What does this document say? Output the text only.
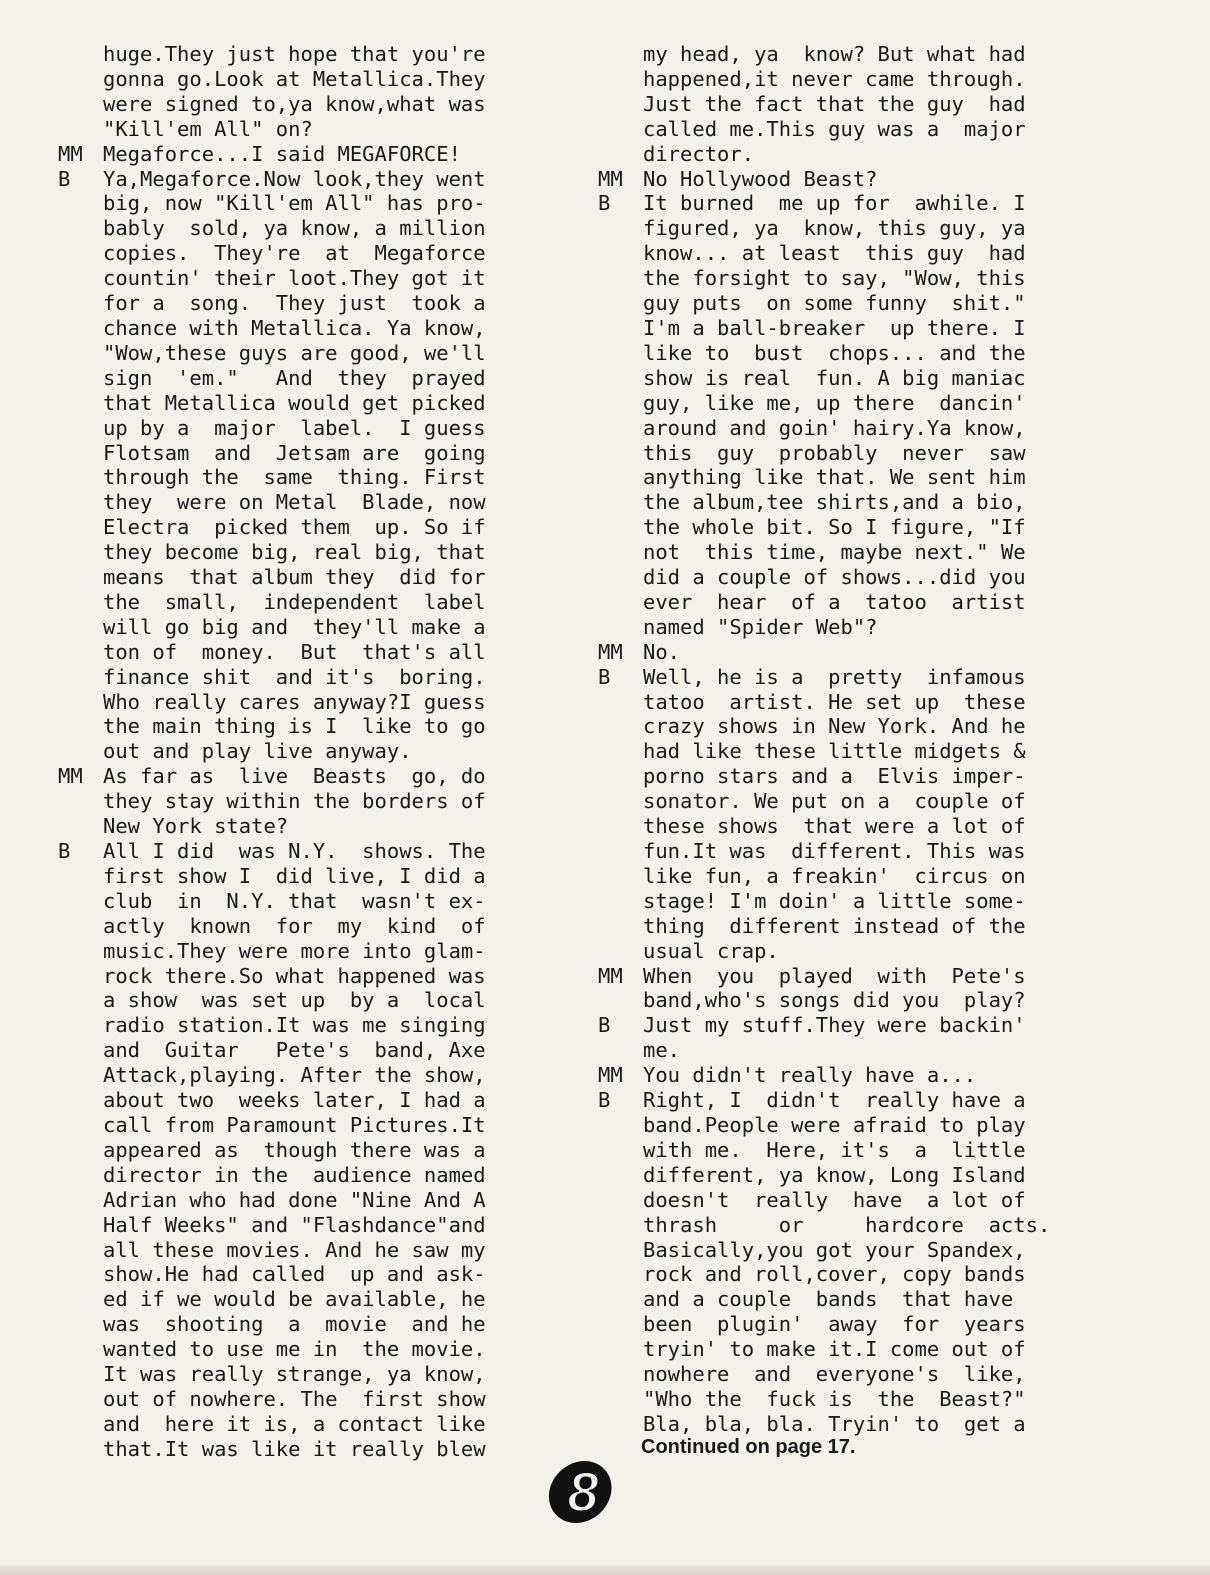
huge.They just hope that you're
gonna go.Look at Metallica.They
were signed to,ya know,what was
"Kill'em All" on?

MM Megaforce...I said MEGAFORCE!

B	Ya,Megaforce.Now look,they went
big, now "Kill'em All" has pro-
bably  sold, ya know, a million
copies.  They're  at  Megaforce
countin' their loot.They got it
for a  song.  They just  took a
chance with Metallica. Ya know,
"Wow,these guys are good, we'll
sign  'em."   And  they  prayed
that Metallica would get picked
up by a  major  label.  I guess
Flotsam  and  Jetsam are  going
through the  same  thing. First
they  were on Metal  Blade, now
Electra  picked them  up. So if
they become big, real big, that
means  that album they  did for
the  small,  independent  label
will go big and  they'll make a
ton of  money.  But  that's all
finance shit  and it's  boring.
Who really cares anyway?I guess
the main thing is I  like to go
out and play live anyway.

MM As far as  live  Beasts  go, do
they stay within the borders of
New York state?

B	All I did  was N.Y.  shows. The
first show I  did live, I did a
club  in  N.Y. that  wasn't ex-
actly  known  for  my  kind  of
music.They were more into glam-
rock there.So what happened was
a show  was set up  by a  local
radio station.It was me singing
and  Guitar   Pete's  band, Axe
Attack,playing. After the show,
about two  weeks later, I had a
call from Paramount Pictures.It
appeared as  though there was a
director in the  audience named
Adrian who had done "Nine And A
Half Weeks" and "Flashdance"and
all these movies. And he saw my
show.He had called  up and ask-
ed if we would be available, he
was  shooting  a  movie  and he
wanted to use me in  the movie.
It was really strange, ya know,
out of nowhere. The  first show
and  here it is, a contact like
that.It was like it really blew

my head, ya  know? But what had
happened,it never came through.
Just the fact that the guy  had
called me.This guy was a  major
director.

MM No Hollywood Beast?

B	It burned  me up for  awhile. I
figured, ya  know, this guy, ya
know... at least  this guy  had
the forsight to say, "Wow, this
guy puts  on some funny  shit."
I'm a ball-breaker  up there. I
like to  bust  chops... and the
show is real  fun. A big maniac
guy, like me, up there  dancin'
around and goin' hairy.Ya know,
this  guy  probably  never  saw
anything like that. We sent him
the album,tee shirts,and a bio,
the whole bit. So I figure, "If
not  this time, maybe next." We
did a couple of shows...did you
ever  hear  of a  tatoo  artist
named "Spider Web"?

MM No.

B	Well, he is a  pretty  infamous
tatoo  artist. He set up  these
crazy shows in New York. And he
had like these little midgets &
porno stars and a  Elvis imper-
sonator. We put on a  couple of
these shows  that were a lot of
fun.It was  different. This was
like fun, a freakin'  circus on
stage! I'm doin' a little some-
thing  different instead of the
usual crap.

MM When  you  played  with  Pete's
band,who's songs did you  play?

B	Just my stuff.They were backin'
me.

MM You didn't really have a...

B	Right, I  didn't  really have a
band.People were afraid to play
with me.  Here, it's  a  little
different, ya know, Long Island
doesn't  really  have  a lot of
thrash     or     hardcore  acts.
Basically,you got your Spandex,
rock and roll,cover, copy bands
and a couple  bands  that have
been  plugin'  away  for  years
tryin' to make it.I come out of
nowhere  and  everyone's  like,
"Who the  fuck is  the  Beast?"
Bla, bla, bla. Tryin' to  get a

Continued on page 17.
8
